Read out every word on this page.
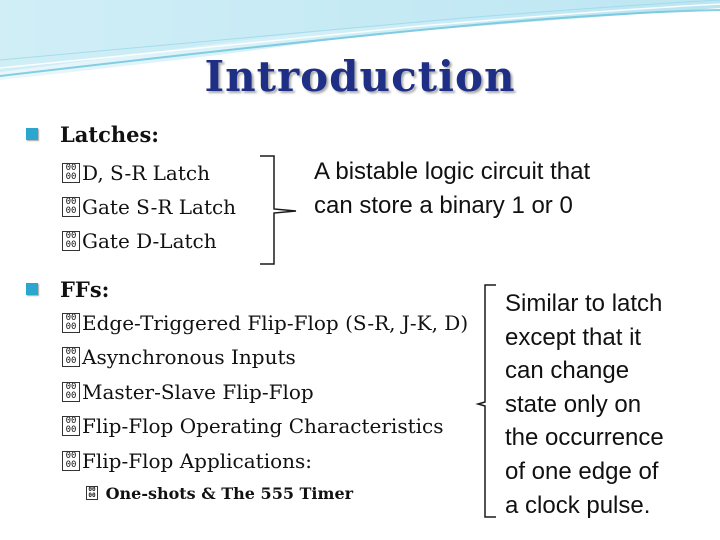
Introduction
Latches:
00
00 D, S-R Latch
00
00 Gate S-R Latch
00
00 Gate D-Latch
A bistable logic circuit that
can store a binary 1 or 0
FFs:
00
00 Edge-Triggered Flip-Flop (S-R, J-K, D)
00
00 Asynchronous Inputs
00
00 Master-Slave Flip-Flop
00
00 Flip-Flop Operating Characteristics
00
00 Flip-Flop Applications:
00
00 One-shots & The 555 Timer
Similar to latch
except that it
can change
state only on
the occurrence
of one edge of
a clock pulse.
